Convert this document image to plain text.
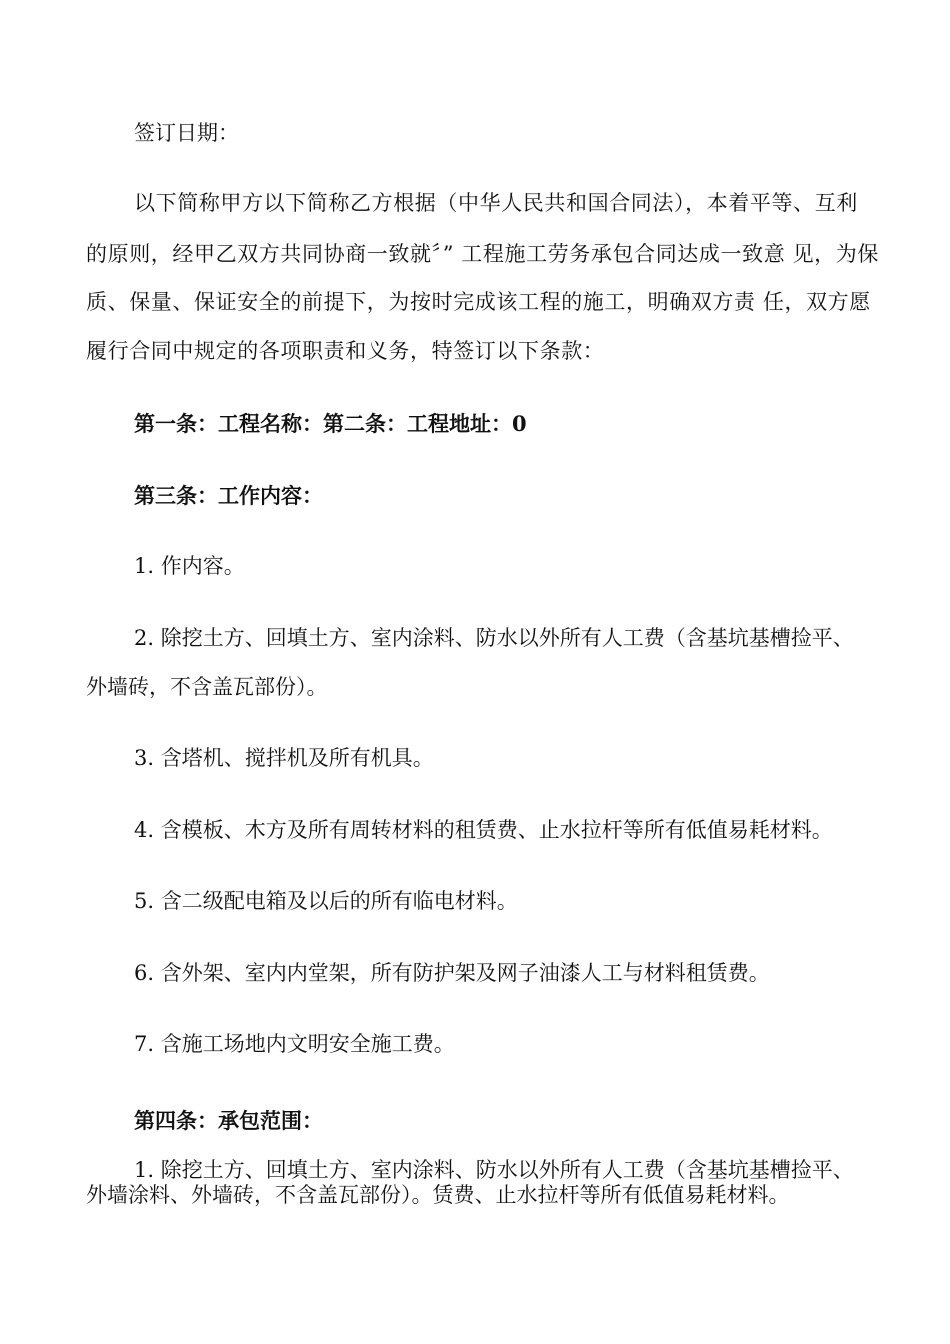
签订日期：
以下简称甲方以下简称乙方根据（中华人民共和国合同法），本着平等、互利
的原则，经甲乙双方共同协商一致就〞” 工程施工劳务承包合同达成一致意 见，为保
质、保量、保证安全的前提下，为按时完成该工程的施工，明确双方责 任，双方愿
履行合同中规定的各项职责和义务，特签订以下条款：
第一条：工程名称：第二条：工程地址：0
第三条：工作内容：
1. 作内容。
2. 除挖土方、回填土方、室内涂料、防水以外所有人工费（含基坑基槽捡平、
外墙砖，不含盖瓦部份）。
3. 含塔机、搅拌机及所有机具。
4. 含模板、木方及所有周转材料的租赁费、止水拉杆等所有低值易耗材料。
5. 含二级配电箱及以后的所有临电材料。
6. 含外架、室内内堂架，所有防护架及网子油漆人工与材料租赁费。
7. 含施工场地内文明安全施工费。
第四条：承包范围：
1. 除挖土方、回填土方、室内涂料、防水以外所有人工费（含基坑基槽捡平、
外墙涂料、外墙砖，不含盖瓦部份）。赁费、止水拉杆等所有低值易耗材料。
